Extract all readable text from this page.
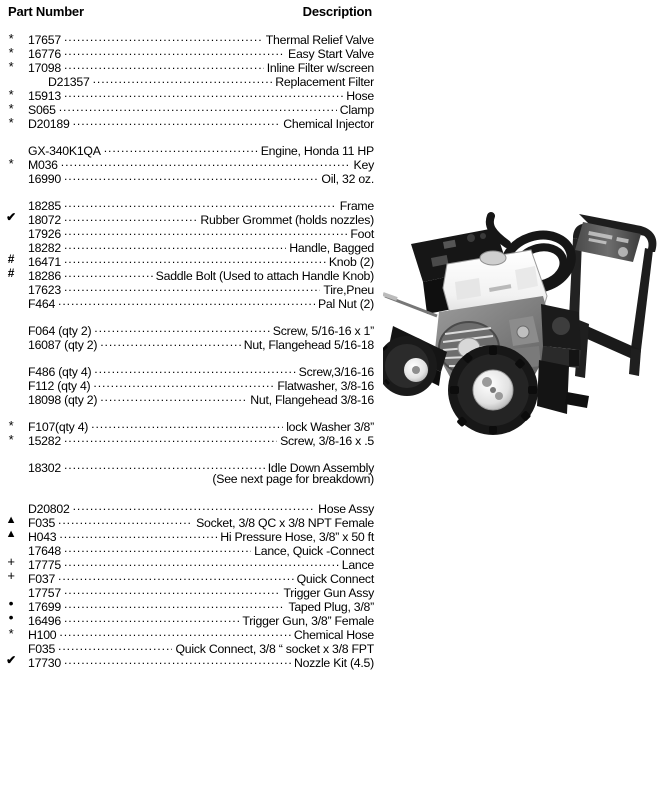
Part Number	Description
*	17657 .....	Thermal Relief Valve
*	16776 .....	Easy Start Valve
*	17098 .....	Inline Filter w/screen
D21357 .....	Replacement Filter
*	15913 .....	Hose
*	S065 .....	Clamp
*	D20189 .....	Chemical Injector
GX-340K1QA .....	Engine, Honda 11 HP
*	M036 .....	Key
16990 .....	Oil, 32 oz.
18285 .....	Frame
✔ 18072 .....	Rubber Grommet (holds nozzles)
17926 .....	Foot
18282 .....	Handle, Bagged
#	16471 .....	Knob (2)
#	18286 .....	Saddle Bolt (Used to attach Handle Knob)
17623 .....	Tire,Pneu
F464 .....	Pal Nut (2)
F064 (qty 2) .....	Screw, 5/16-16 x 1”
16087 (qty 2) .....	Nut, Flangehead 5/16-18
F486 (qty 4) .....	Screw,3/16-16
F112 (qty 4) .....	Flatwasher, 3/8-16
18098 (qty 2) .....	Nut, Flangehead 3/8-16
*	F107(qty 4) .....	lock Washer 3/8”
*	15282 .....	Screw, 3/8-16 x .5
18302 .....	Idle Down Assembly
(See next page for breakdown)
D20802 .....	Hose Assy
▲ F035 .....	Socket, 3/8 QC x 3/8 NPT Female
▲ H043 .....	Hi Pressure Hose, 3/8” x 50 ft
17648 .....	Lance, Quick -Connect
+	17775 .....	Lance
+	F037 .....	Quick Connect
17757 .....	Trigger Gun Assy
•	17699 .....	Taped Plug, 3/8”
•	16496 .....	Trigger Gun, 3/8” Female
*	H100 .....	Chemical Hose
F035 .....	Quick Connect, 3/8 “ socket x 3/8 FPT
✔ 17730 .....	Nozzle Kit (4.5)
